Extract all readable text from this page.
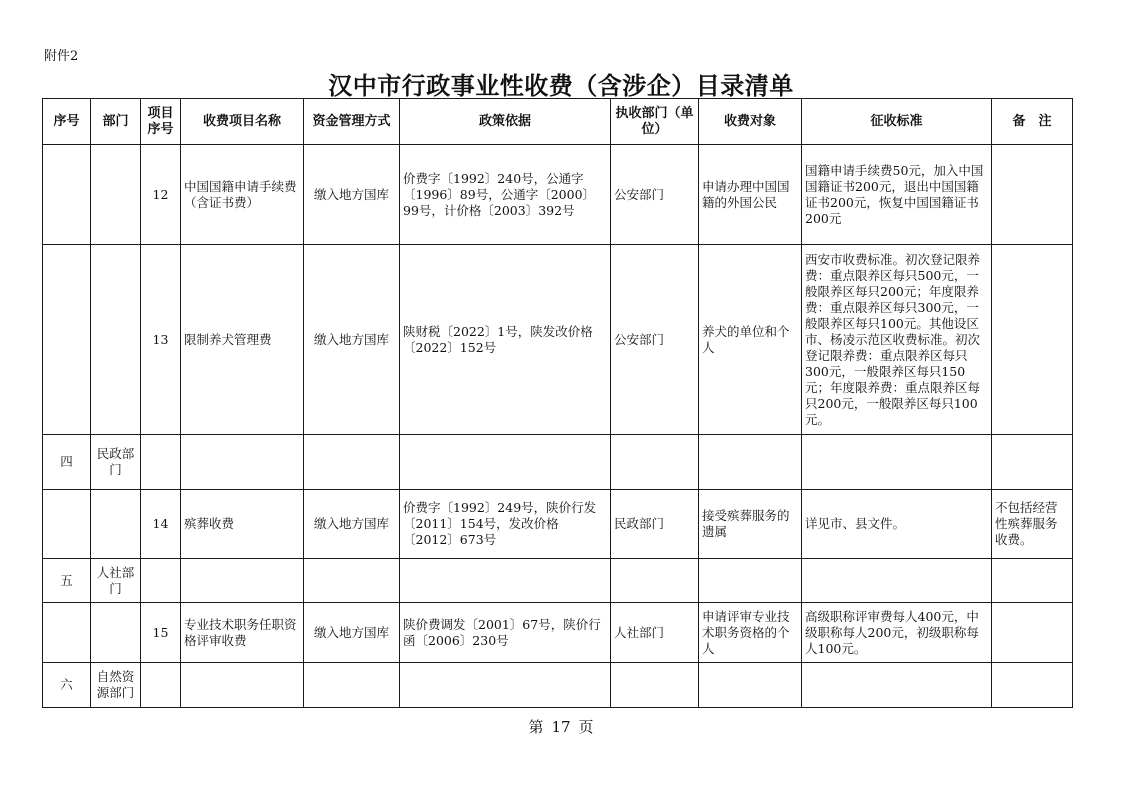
附件2
汉中市行政事业性收费（含涉企）目录清单
序号	部门	项目序号	收费项目名称	资金管理方式	政策依据	执收部门（单位）	收费对象	征收标准	备　注
		12	中国国籍申请手续费（含证书费）	缴入地方国库	价费字〔1992〕240号，公通字〔1996〕89号，公通字〔2000〕99号，计价格〔2003〕392号	公安部门	申请办理中国国籍的外国公民	国籍申请手续费50元，加入中国国籍证书200元，退出中国国籍证书200元，恢复中国国籍证书200元	
		13	限制养犬管理费	缴入地方国库	陕财税〔2022〕1号，陕发改价格〔2022〕152号	公安部门	养犬的单位和个人	西安市收费标准。初次登记限养费：重点限养区每只500元，一般限养区每只200元；年度限养费：重点限养区每只300元，一般限养区每只100元。其他设区市、杨凌示范区收费标准。初次登记限养费：重点限养区每只300元，一般限养区每只150元；年度限养费：重点限养区每只200元，一般限养区每只100元。	
四	民政部门								
		14	殡葬收费	缴入地方国库	价费字〔1992〕249号，陕价行发〔2011〕154号，发改价格〔2012〕673号	民政部门	接受殡葬服务的遗属	详见市、县文件。	不包括经营性殡葬服务收费。
五	人社部门								
		15	专业技术职务任职资格评审收费	缴入地方国库	陕价费调发〔2001〕67号，陕价行函〔2006〕230号	人社部门	申请评审专业技术职务资格的个人	高级职称评审费每人400元，中级职称每人200元，初级职称每人100元。	
六	自然资源部门								
第 17 页
